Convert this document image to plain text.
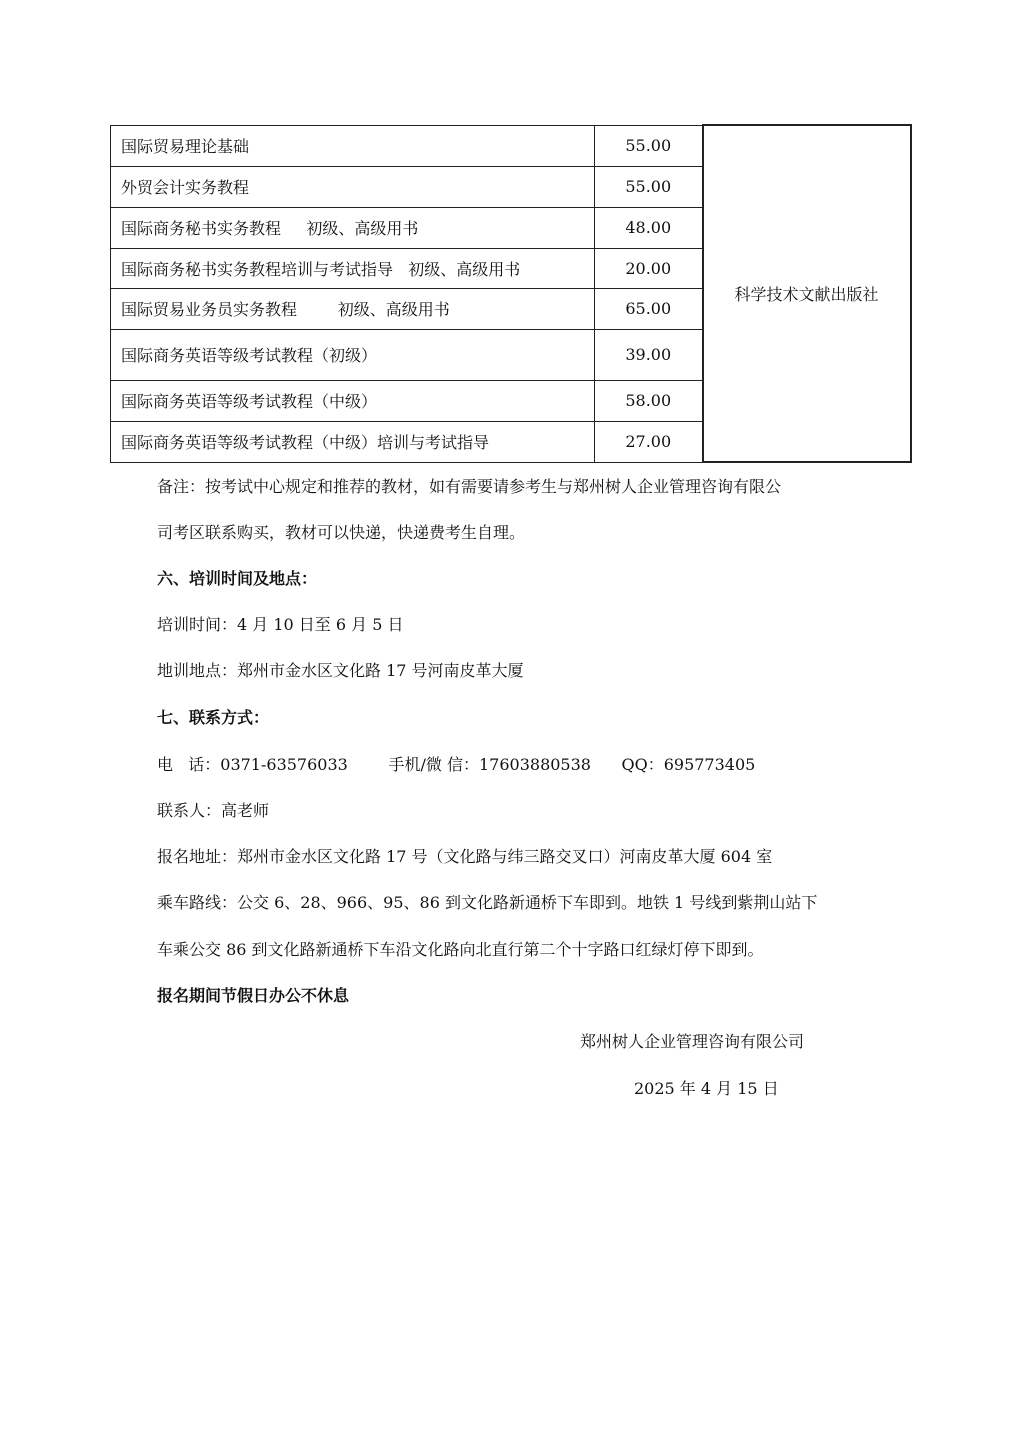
国际贸易理论基础	55.00	科学技术文献出版社
外贸会计实务教程	55.00	
国际商务秘书实务教程     初级、高级用书	48.00	
国际商务秘书实务教程培训与考试指导   初级、高级用书	20.00	
国际贸易业务员实务教程        初级、高级用书	65.00	
国际商务英语等级考试教程（初级）	39.00	
国际商务英语等级考试教程（中级）	58.00	
国际商务英语等级考试教程（中级）培训与考试指导	27.00	
备注：按考试中心规定和推荐的教材，如有需要请参考生与郑州树人企业管理咨询有限公
司考区联系购买，教材可以快递，快递费考生自理。
六、培训时间及地点：
培训时间：4 月 10 日至 6 月 5 日
地训地点：郑州市金水区文化路 17 号河南皮革大厦
七、联系方式：
电   话：0371-63576033        手机/微 信：17603880538      QQ：695773405
联系人：高老师
报名地址：郑州市金水区文化路 17 号（文化路与纬三路交叉口）河南皮革大厦 604 室
乘车路线：公交 6、28、966、95、86 到文化路新通桥下车即到。地铁 1 号线到紫荆山站下
车乘公交 86 到文化路新通桥下车沿文化路向北直行第二个十字路口红绿灯停下即到。
报名期间节假日办公不休息
郑州树人企业管理咨询有限公司
2025 年 4 月 15 日
